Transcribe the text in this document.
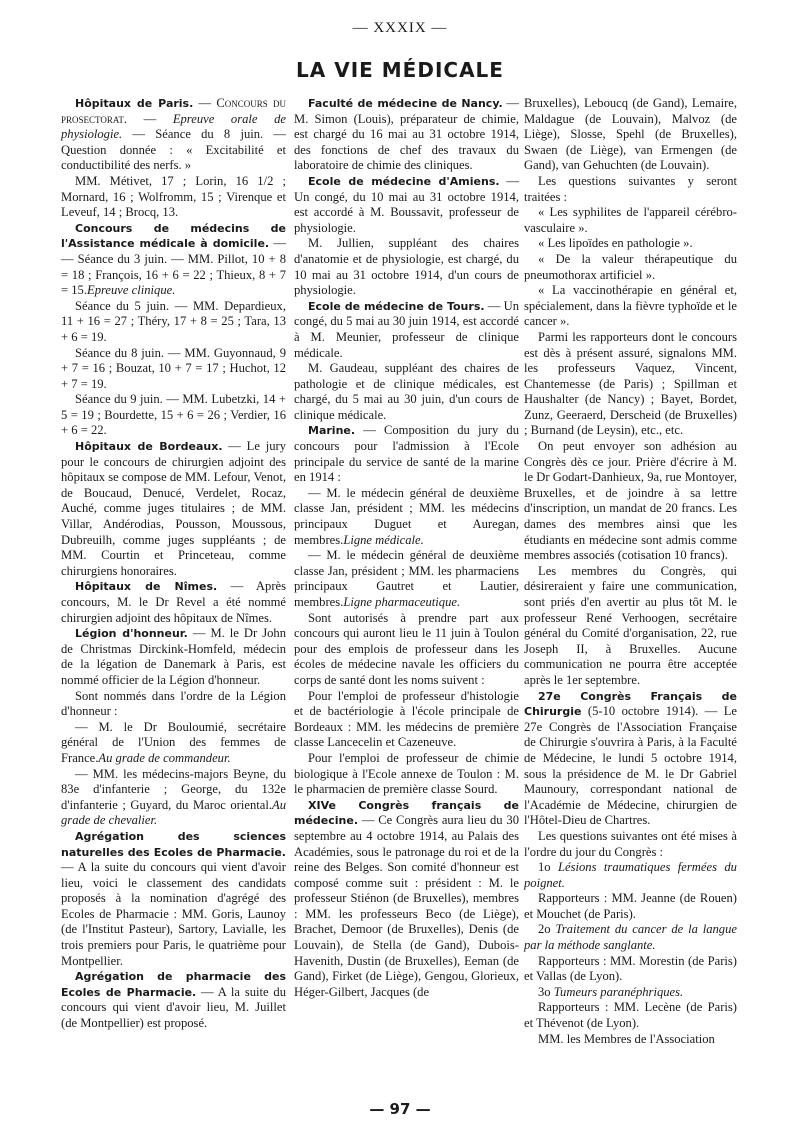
— XXXIX —
LA VIE MÉDICALE

Hôpitaux de Paris. — Concours du prosectorat. — Epreuve orale de physiologie. — Séance du 8 juin. — Question donnée : « Excitabilité et conductibilité des nerfs. »

MM. Métivet, 17 ; Lorin, 16 1/2 ; Mornard, 16 ; Wolfromm, 15 ; Virenque et Leveuf, 14 ; Brocq, 13.

Concours de médecins de l'Assistance médicale à domicile. — — Séance du 3 juin. — MM. Pillot, 10 + 8 = 18 ; François, 16 + 6 = 22 ; Thieux, 8 + 7 = 15.Epreuve clinique.

Séance du 5 juin. — MM. Depardieux, 11 + 16 = 27 ; Théry, 17 + 8 = 25 ; Tara, 13 + 6 = 19.

Séance du 8 juin. — MM. Guyonnaud, 9 + 7 = 16 ; Bouzat, 10 + 7 = 17 ; Huchot, 12 + 7 = 19.

Séance du 9 juin. — MM. Lubetzki, 14 + 5 = 19 ; Bourdette, 15 + 6 = 26 ; Verdier, 16 + 6 = 22.

Hôpitaux de Bordeaux. — Le jury pour le concours de chirurgien adjoint des hôpitaux se compose de MM. Lefour, Venot, de Boucaud, Denucé, Verdelet, Rocaz, Auché, comme juges titulaires ; de MM. Villar, Andérodias, Pousson, Moussous, Dubreuilh, comme juges suppléants ; de MM. Courtin et Princeteau, comme chirurgiens honoraires.

Hôpitaux de Nîmes. — Après concours, M. le Dr Revel a été nommé chirurgien adjoint des hôpitaux de Nîmes.

Légion d'honneur. — M. le Dr John de Christmas Dirckink-Homfeld, médecin de la légation de Danemark à Paris, est nommé officier de la Légion d'honneur.

Sont nommés dans l'ordre de la Légion d'honneur :

— M. le Dr Bouloumié, secrétaire général de l'Union des femmes de France.Au grade de commandeur.

— MM. les médecins-majors Beyne, du 83e d'infanterie ; George, du 132e d'infanterie ; Guyard, du Maroc oriental.Au grade de chevalier.

Agrégation des sciences naturelles des Ecoles de Pharmacie. — A la suite du concours qui vient d'avoir lieu, voici le classement des candidats proposés à la nomination d'agrégé des Ecoles de Pharmacie : MM. Goris, Launoy (de l'Institut Pasteur), Sartory, Lavialle, les trois premiers pour Paris, le quatrième pour Montpellier.

Agrégation de pharmacie des Ecoles de Pharmacie. — A la suite du concours qui vient d'avoir lieu, M. Juillet (de Montpellier) est proposé.

Faculté de médecine de Nancy. — M. Simon (Louis), préparateur de chimie, est chargé du 16 mai au 31 octobre 1914, des fonctions de chef des travaux du laboratoire de chimie des cliniques.

Ecole de médecine d'Amiens. — Un congé, du 10 mai au 31 octobre 1914, est accordé à M. Boussavit, professeur de physiologie.

M. Jullien, suppléant des chaires d'anatomie et de physiologie, est chargé, du 10 mai au 31 octobre 1914, d'un cours de physiologie.

Ecole de médecine de Tours. — Un congé, du 5 mai au 30 juin 1914, est accordé à M. Meunier, professeur de clinique médicale.

M. Gaudeau, suppléant des chaires de pathologie et de clinique médicales, est chargé, du 5 mai au 30 juin, d'un cours de clinique médicale.

Marine. — Composition du jury du concours pour l'admission à l'Ecole principale du service de santé de la marine en 1914 :

— M. le médecin général de deuxième classe Jan, président ; MM. les médecins principaux Duguet et Auregan, membres.Ligne médicale.

— M. le médecin général de deuxième classe Jan, président ; MM. les pharmaciens principaux Gautret et Lautier, membres.Ligne pharmaceutique.

Sont autorisés à prendre part aux concours qui auront lieu le 11 juin à Toulon pour des emplois de professeur dans les écoles de médecine navale les officiers du corps de santé dont les noms suivent :

Pour l'emploi de professeur d'histologie et de bactériologie à l'école principale de Bordeaux : MM. les médecins de première classe Lancecelin et Cazeneuve.

Pour l'emploi de professeur de chimie biologique à l'Ecole annexe de Toulon : M. le pharmacien de première classe Sourd.

XIVe Congrès français de médecine. — Ce Congrès aura lieu du 30 septembre au 4 octobre 1914, au Palais des Académies, sous le patronage du roi et de la reine des Belges. Son comité d'honneur est composé comme suit : président : M. le professeur Stiénon (de Bruxelles), membres : MM. les professeurs Beco (de Liège), Brachet, Demoor (de Bruxelles), Denis (de Louvain), de Stella (de Gand), Dubois-Havenith, Dustin (de Bruxelles), Eeman (de Gand), Firket (de Liège), Gengou, Glorieux, Héger-Gilbert, Jacques (de

Bruxelles), Leboucq (de Gand), Lemaire, Maldague (de Louvain), Malvoz (de Liège), Slosse, Spehl (de Bruxelles), Swaen (de Liège), van Ermengen (de Gand), van Gehuchten (de Louvain).

Les questions suivantes y seront traitées :

« Les syphilites de l'appareil cérébro-vasculaire ».

« Les lipoïdes en pathologie ».

« De la valeur thérapeutique du pneumothorax artificiel ».

« La vaccinothérapie en général et, spécialement, dans la fièvre typhoïde et le cancer ».

Parmi les rapporteurs dont le concours est dès à présent assuré, signalons MM. les professeurs Vaquez, Vincent, Chantemesse (de Paris) ; Spillman et Haushalter (de Nancy) ; Bayet, Bordet, Zunz, Geeraerd, Derscheid (de Bruxelles) ; Burnand (de Leysin), etc., etc.

On peut envoyer son adhésion au Congrès dès ce jour. Prière d'écrire à M. le Dr Godart-Danhieux, 9a, rue Montoyer, Bruxelles, et de joindre à sa lettre d'inscription, un mandat de 20 francs. Les dames des membres ainsi que les étudiants en médecine sont admis comme membres associés (cotisation 10 francs).

Les membres du Congrès, qui désireraient y faire une communication, sont priés d'en avertir au plus tôt M. le professeur René Verhoogen, secrétaire général du Comité d'organisation, 22, rue Joseph II, à Bruxelles. Aucune communication ne pourra être acceptée après le 1er septembre.

27e Congrès Français de Chirurgie (5-10 octobre 1914). — Le 27e Congrès de l'Association Française de Chirurgie s'ouvrira à Paris, à la Faculté de Médecine, le lundi 5 octobre 1914, sous la présidence de M. le Dr Gabriel Maunoury, correspondant national de l'Académie de Médecine, chirurgien de l'Hôtel-Dieu de Chartres.

Les questions suivantes ont été mises à l'ordre du jour du Congrès :

1o Lésions traumatiques fermées du poignet.

Rapporteurs : MM. Jeanne (de Rouen) et Mouchet (de Paris).

2o Traitement du cancer de la langue par la méthode sanglante.

Rapporteurs : MM. Morestin (de Paris) et Vallas (de Lyon).

3o Tumeurs paranéphriques.

Rapporteurs : MM. Lecène (de Paris) et Thévenot (de Lyon).

MM. les Membres de l'Association

— 97 —
